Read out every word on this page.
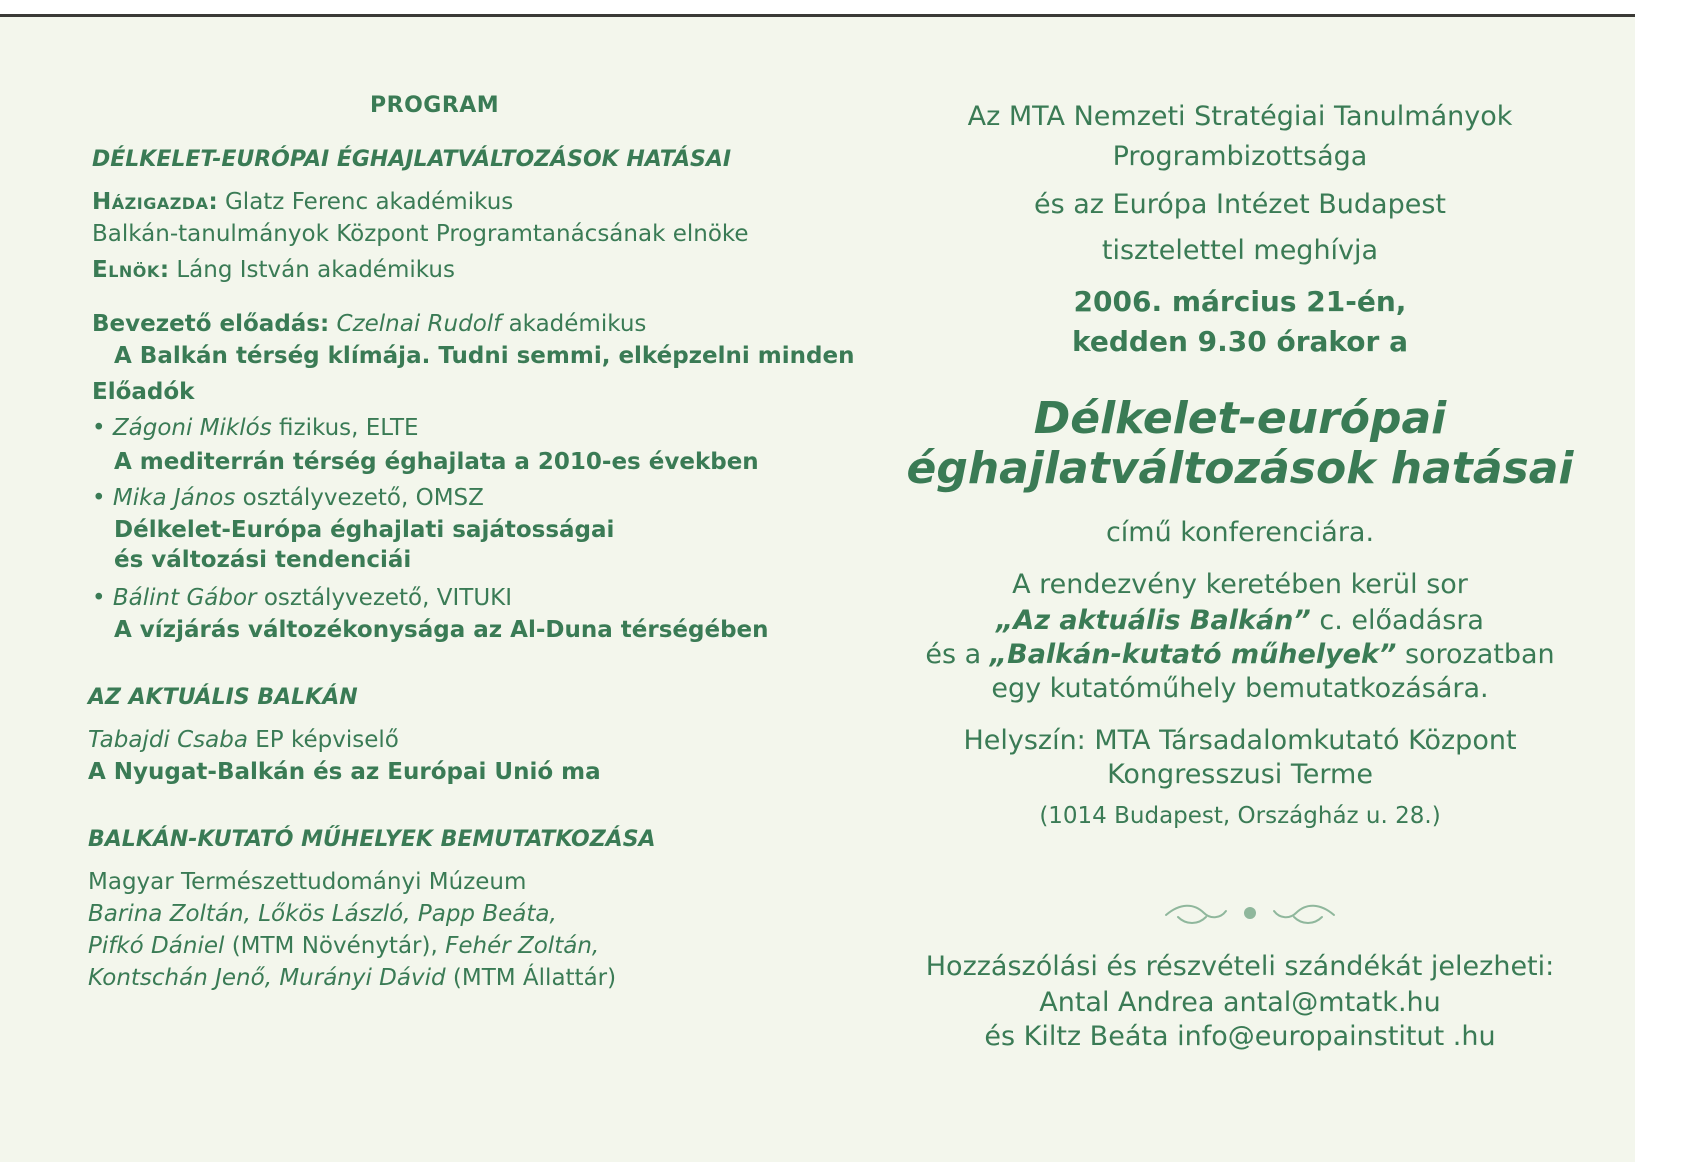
PROGRAM
DÉLKELET-EURÓPAI ÉGHAJLATVÁLTOZÁSOK HATÁSAI
HÁZIGAZDA: Glatz Ferenc akadémikus
Balkán-tanulmányok Központ Programtanácsának elnöke
ELNÖK: Láng István akadémikus
Bevezető előadás: Czelnai Rudolf akadémikus
A Balkán térség klímája. Tudni semmi, elképzelni minden
Előadók
• Zágoni Miklós fizikus, ELTE
A mediterrán térség éghajlata a 2010-es években
• Mika János osztályvezető, OMSZ
Délkelet-Európa éghajlati sajátosságai
és változási tendenciái
• Bálint Gábor osztályvezető, VITUKI
A vízjárás változékonysága az Al-Duna térségében
AZ AKTUÁLIS BALKÁN
Tabajdi Csaba EP képviselő
A Nyugat-Balkán és az Európai Unió ma
BALKÁN-KUTATÓ MŰHELYEK BEMUTATKOZÁSA
Magyar Természettudományi Múzeum
Barina Zoltán, Lőkös László, Papp Beáta,
Pifkó Dániel (MTM Növénytár), Fehér Zoltán,
Kontschán Jenő, Murányi Dávid (MTM Állattár)
Az MTA Nemzeti Stratégiai Tanulmányok
Programbizottsága
és az Európa Intézet Budapest
tisztelettel meghívja
2006. március 21-én,
kedden 9.30 órakor a
Délkelet-európai
éghajlatváltozások hatásai
című konferenciára.
A rendezvény keretében kerül sor
„Az aktuális Balkán” c. előadásra
és a „Balkán-kutató műhelyek” sorozatban
egy kutatóműhely bemutatkozására.
Helyszín: MTA Társadalomkutató Központ
Kongresszusi Terme
(1014 Budapest, Országház u. 28.)
Hozzászólási és részvételi szándékát jelezheti:
Antal Andrea antal@mtatk.hu
és Kiltz Beáta info@europainstitut .hu
